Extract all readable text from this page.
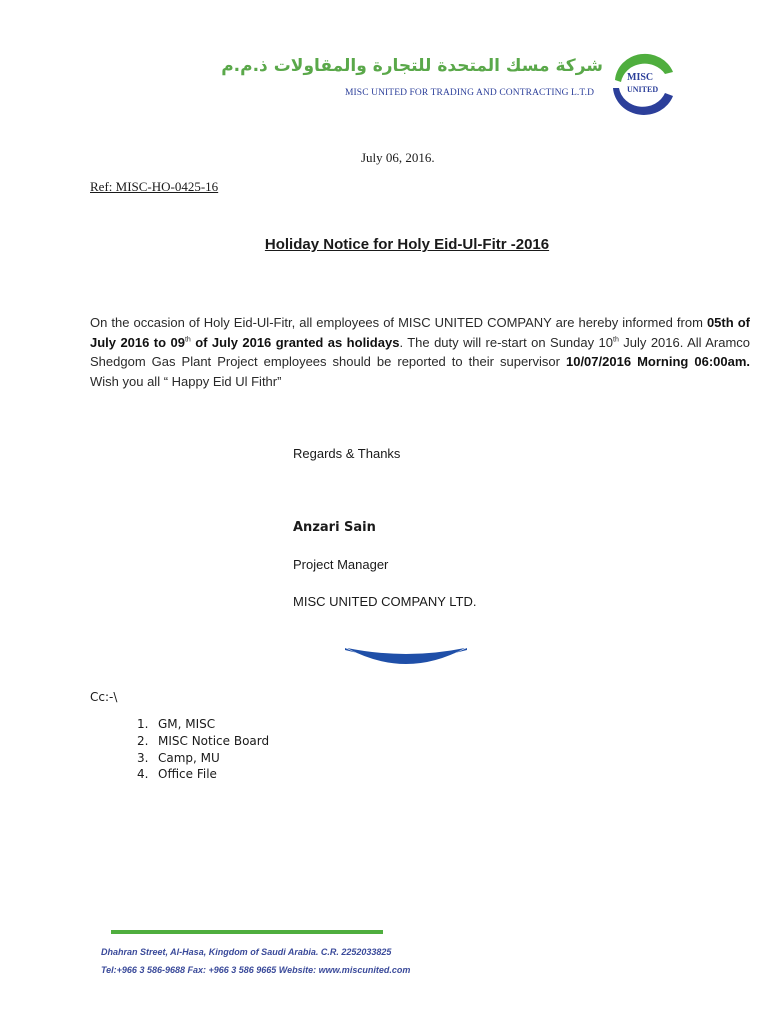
شركة مسك المتحدة للتجارة والمقاولات ذ.م.م
MISC UNITED FOR TRADING AND CONTRACTING L.T.D
MISC
UNITED
July 06, 2016.
Ref: MISC-HO-0425-16
Holiday Notice for Holy Eid-Ul-Fitr -2016
On the occasion of Holy Eid-Ul-Fitr, all employees of MISC UNITED COMPANY are hereby informed from 05th of July 2016 to 09th of July 2016 granted as holidays. The duty will re-start on Sunday 10th July 2016. All Aramco Shedgom Gas Plant Project employees should be reported to their supervisor 10/07/2016 Morning 06:00am. Wish you all “ Happy Eid Ul Fithr”
Regards & Thanks
Anzari Sain
Project Manager
MISC UNITED COMPANY LTD.
Cc:-\
1. GM, MISC
2. MISC Notice Board
3. Camp, MU
4. Office File
Dhahran Street, Al-Hasa, Kingdom of Saudi Arabia. C.R. 2252033825
Tel:+966 3 586-9688 Fax: +966 3 586 9665 Website: www.miscunited.com
